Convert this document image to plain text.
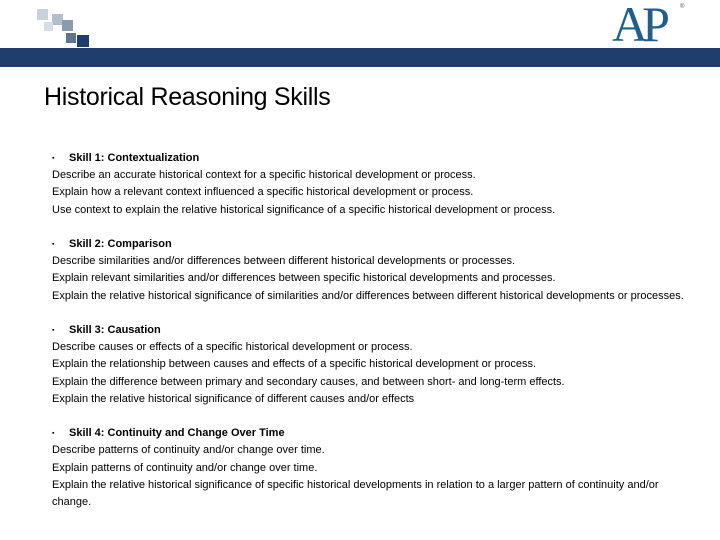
AP	®
Historical Reasoning Skills
▪ Skill 1: Contextualization
Describe an accurate historical context for a specific historical development or process.
Explain how a relevant context influenced a specific historical development or process.
Use context to explain the relative historical significance of a specific historical development or process.
▪ Skill 2: Comparison
Describe similarities and/or differences between different historical developments or processes.
Explain relevant similarities and/or differences between specific historical developments and processes.
Explain the relative historical significance of similarities and/or differences between different historical developments or processes.
▪ Skill 3: Causation
Describe causes or effects of a specific historical development or process.
Explain the relationship between causes and effects of a specific historical development or process.
Explain the difference between primary and secondary causes, and between short- and long-term effects.
Explain the relative historical significance of different causes and/or effects
▪ Skill 4: Continuity and Change Over Time
Describe patterns of continuity and/or change over time.
Explain patterns of continuity and/or change over time.
Explain the relative historical significance of specific historical developments in relation to a larger pattern of continuity and/or change.
